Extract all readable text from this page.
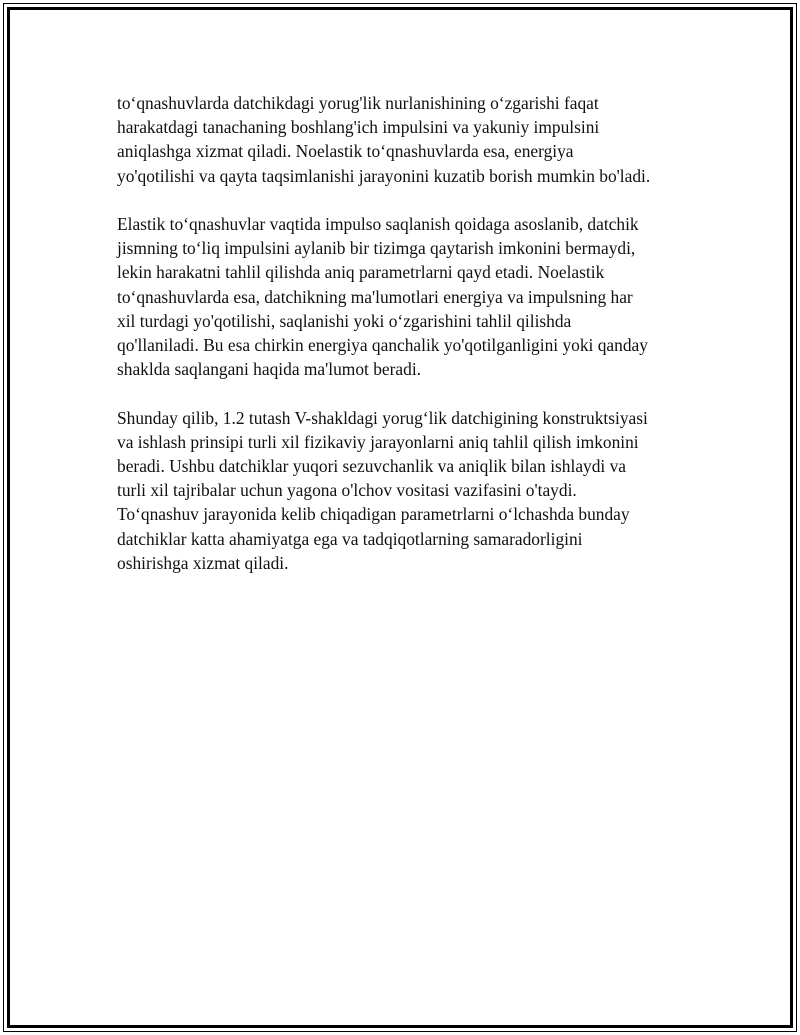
to‘qnashuvlarda datchikdagi yorug'lik nurlanishining o‘zgarishi faqat
harakatdagi tanachaning boshlang'ich impulsini va yakuniy impulsini
aniqlashga xizmat qiladi. Noelastik to‘qnashuvlarda esa, energiya
yo'qotilishi va qayta taqsimlanishi jarayonini kuzatib borish mumkin bo'ladi.

Elastik to‘qnashuvlar vaqtida impulso saqlanish qoidaga asoslanib, datchik
jismning to‘liq impulsini aylanib bir tizimga qaytarish imkonini bermaydi,
lekin harakatni tahlil qilishda aniq parametrlarni qayd etadi. Noelastik
to‘qnashuvlarda esa, datchikning ma'lumotlari energiya va impulsning har
xil turdagi yo'qotilishi, saqlanishi yoki o‘zgarishini tahlil qilishda
qo'llaniladi. Bu esa chirkin energiya qanchalik yo'qotilganligini yoki qanday
shaklda saqlangani haqida ma'lumot beradi.

Shunday qilib, 1.2 tutash V-shakldagi yorug‘lik datchigining konstruktsiyasi
va ishlash prinsipi turli xil fizikaviy jarayonlarni aniq tahlil qilish imkonini
beradi. Ushbu datchiklar yuqori sezuvchanlik va aniqlik bilan ishlaydi va
turli xil tajribalar uchun yagona o'lchov vositasi vazifasini o'taydi.
To‘qnashuv jarayonida kelib chiqadigan parametrlarni o‘lchashda bunday
datchiklar katta ahamiyatga ega va tadqiqotlarning samaradorligini
oshirishga xizmat qiladi.
